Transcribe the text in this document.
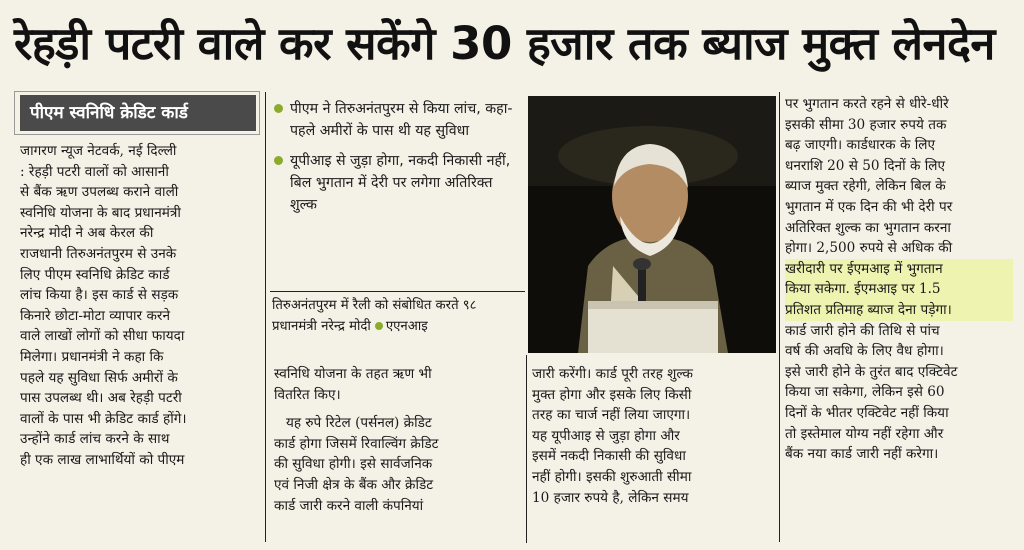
रेहड़ी पटरी वाले कर सकेंगे 30 हजार तक ब्याज मुक्त लेनदेन
पीएम स्वनिधि क्रेडिट कार्ड

जागरण न्यूज नेटवर्क, नई दिल्ली

: रेहड़ी पटरी वालों को आसानी

से बैंक ऋण उपलब्ध कराने वाली

स्वनिधि योजना के बाद प्रधानमंत्री

नरेन्द्र मोदी ने अब केरल की

राजधानी तिरुअनंतपुरम से उनके

लिए पीएम स्वनिधि क्रेडिट कार्ड

लांच किया है। इस कार्ड से सड़क

किनारे छोटा-मोटा व्यापार करने

वाले लाखों लोगों को सीधा फायदा

मिलेगा। प्रधानमंत्री ने कहा कि

पहले यह सुविधा सिर्फ अमीरों के

पास उपलब्ध थी। अब रेहड़ी पटरी

वालों के पास भी क्रेडिट कार्ड होंगे।

उन्होंने कार्ड लांच करने के साथ

ही एक लाख लाभार्थियों को पीएम

पीएम ने तिरुअनंतपुरम से किया लांच, कहा- पहले अमीरों के पास थी यह सुविधा
यूपीआइ से जुड़ा होगा, नकदी निकासी नहीं, बिल भुगतान में देरी पर लगेगा अतिरिक्त शुल्क
तिरुअनंतपुरम में रैली को संबोधित करते ९८
प्रधानमंत्री नरेन्द्र मोदी एएनआइ

स्वनिधि योजना के तहत ऋण भी

वितरित किए।

यह रुपे रिटेल (पर्सनल) क्रेडिट

कार्ड होगा जिसमें रिवाल्विंग क्रेडिट

की सुविधा होगी। इसे सार्वजनिक

एवं निजी क्षेत्र के बैंक और क्रेडिट

कार्ड जारी करने वाली कंपनियां

जारी करेंगी। कार्ड पूरी तरह शुल्क

मुक्त होगा और इसके लिए किसी

तरह का चार्ज नहीं लिया जाएगा।

यह यूपीआइ से जुड़ा होगा और

इसमें नकदी निकासी की सुविधा

नहीं होगी। इसकी शुरुआती सीमा

10 हजार रुपये है, लेकिन समय

पर भुगतान करते रहने से धीरे-धीरे

इसकी सीमा 30 हजार रुपये तक

बढ़ जाएगी। कार्डधारक के लिए

धनराशि 20 से 50 दिनों के लिए

ब्याज मुक्त रहेगी, लेकिन बिल के

भुगतान में एक दिन की भी देरी पर

अतिरिक्त शुल्क का भुगतान करना

होगा। 2,500 रुपये से अधिक की

खरीदारी पर ईएमआइ में भुगतान

किया सकेगा. ईएमआइ पर 1.5

प्रतिशत प्रतिमाह ब्याज देना पड़ेगा।

कार्ड जारी होने की तिथि से पांच

वर्ष की अवधि के लिए वैध होगा।

इसे जारी होने के तुरंत बाद एक्टिवेट

किया जा सकेगा, लेकिन इसे 60

दिनों के भीतर एक्टिवेट नहीं किया

तो इस्तेमाल योग्य नहीं रहेगा और

बैंक नया कार्ड जारी नहीं करेगा।
